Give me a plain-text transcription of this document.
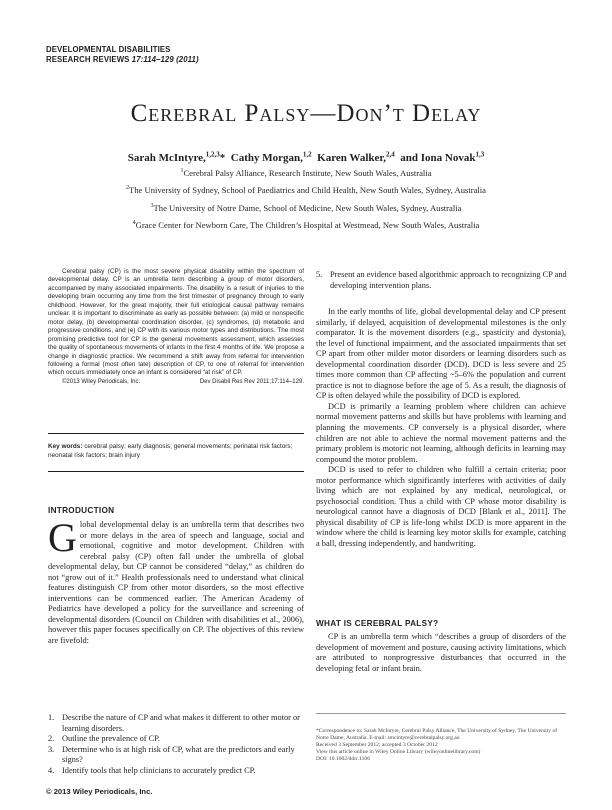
DEVELOPMENTAL DISABILITIES
RESEARCH REVIEWS 17:114–129 (2011)
Cerebral Palsy—Don’t Delay
Sarah McIntyre,$^{1,2,3}$* Cathy Morgan,$^{1,2}$ Karen Walker,$^{2,4}$ and Iona Novak$^{1,3}$
$^1$Cerebral Palsy Alliance, Research Institute, New South Wales, Australia
$^2$The University of Sydney, School of Paediatrics and Child Health, New South Wales, Sydney, Australia
$^3$The University of Notre Dame, School of Medicine, New South Wales, Sydney, Australia
$^4$Grace Center for Newborn Care, The Children’s Hospital at Westmead, New South Wales, Australia
Cerebral palsy (CP) is the most severe physical disability within the spectrum of developmental delay. CP is an umbrella term describing a group of motor disorders, accompanied by many associated impairments. The disability is a result of injuries to the developing brain occurring any time from the first trimester of pregnancy through to early childhood. However, for the great majority, their full etiological causal pathway remains unclear. It is important to discriminate as early as possible between: (a) mild or nonspecific motor delay, (b) developmental coordination disorder, (c) syndromes, (d) metabolic and progressive conditions, and (e) CP with its various motor types and distributions. The most promising predictive tool for CP is the general movements assessment, which assesses the quality of spontaneous movements of infants in the first 4 months of life. We propose a change in diagnostic practice. We recommend a shift away from referral for intervention following a formal (most often late) description of CP, to one of referral for intervention which occurs immediately once an infant is considered “at risk” of CP.
©2013 Wiley Periodicals, Inc.	Dev Disabil Res Rev 2011;17:114–129.
Key words: cerebral palsy; early diagnosis; general movements; perinatal risk factors; neonatal risk factors; brain injury
INTRODUCTION
Global developmental delay is an umbrella term that describes two or more delays in the area of speech and language, social and emotional, cognitive and motor development. Children with cerebral palsy (CP) often fall under the umbrella of global developmental delay, but CP cannot be considered “delay,” as children do not “grow out of it.” Health professionals need to understand what clinical features distinguish CP from other motor disorders, so the most effective interventions can be commenced earlier. The American Academy of Pediatrics have developed a policy for the surveillance and screening of developmental disorders (Council on Children with disabilities et al., 2006), however this paper focuses specifically on CP. The objectives of this review are fivefold:
1. Describe the nature of CP and what makes it different to other motor or learning disorders.
2. Outline the prevalence of CP.
3. Determine who is at high risk of CP, what are the predictors and early signs?
4. Identify tools that help clinicians to accurately predict CP.
5. Present an evidence based algorithmic approach to recognizing CP and developing intervention plans.

In the early months of life, global developmental delay and CP present similarly, if delayed, acquisition of developmental milestones is the only comparator. It is the movement disorders (e.g., spasticity and dystonia), the level of functional impairment, and the associated impairments that set CP apart from other milder motor disorders or learning disorders such as developmental coordination disorder (DCD). DCD is less severe and 25 times more common than CP affecting ~5–6% the population and current practice is not to diagnose before the age of 5. As a result, the diagnosis of CP is often delayed while the possibility of DCD is explored.

DCD is primarily a learning problem where children can achieve normal movement patterns and skills but have problems with learning and planning the movements. CP conversely is a physical disorder, where children are not able to achieve the normal movement patterns and the primary problem is motoric not learning, although deficits in learning may compound the motor problem.

DCD is used to refer to children who fulfill a certain criteria; poor motor performance which significantly interferes with activities of daily living which are not explained by any medical, neurological, or psychosocial condition. Thus a child with CP whose motor disability is neurological cannot have a diagnosis of DCD [Blank et al., 2011]. The physical disability of CP is life-long whilst DCD is more apparent in the window where the child is learning key motor skills for example, catching a ball, dressing independently, and handwriting.

WHAT IS CEREBRAL PALSY?

CP is an umbrella term which “describes a group of disorders of the development of movement and posture, causing activity limitations, which are attributed to nonprogressive disturbances that occurred in the developing fetal or infant brain.

*Correspondence to: Sarah McIntyre, Cerebral Palsy Alliance, The University of Sydney, The University of Notre Dame, Australia. E-mail: smcintyre@cerebralpalsy.org.au
Received 3 September 2012; accepted 3 October 2012
View this article online in Wiley Online Library (wileyonlinelibrary.com)
DOI: 10.1002/ddrr.1106
© 2013 Wiley Periodicals, Inc.
